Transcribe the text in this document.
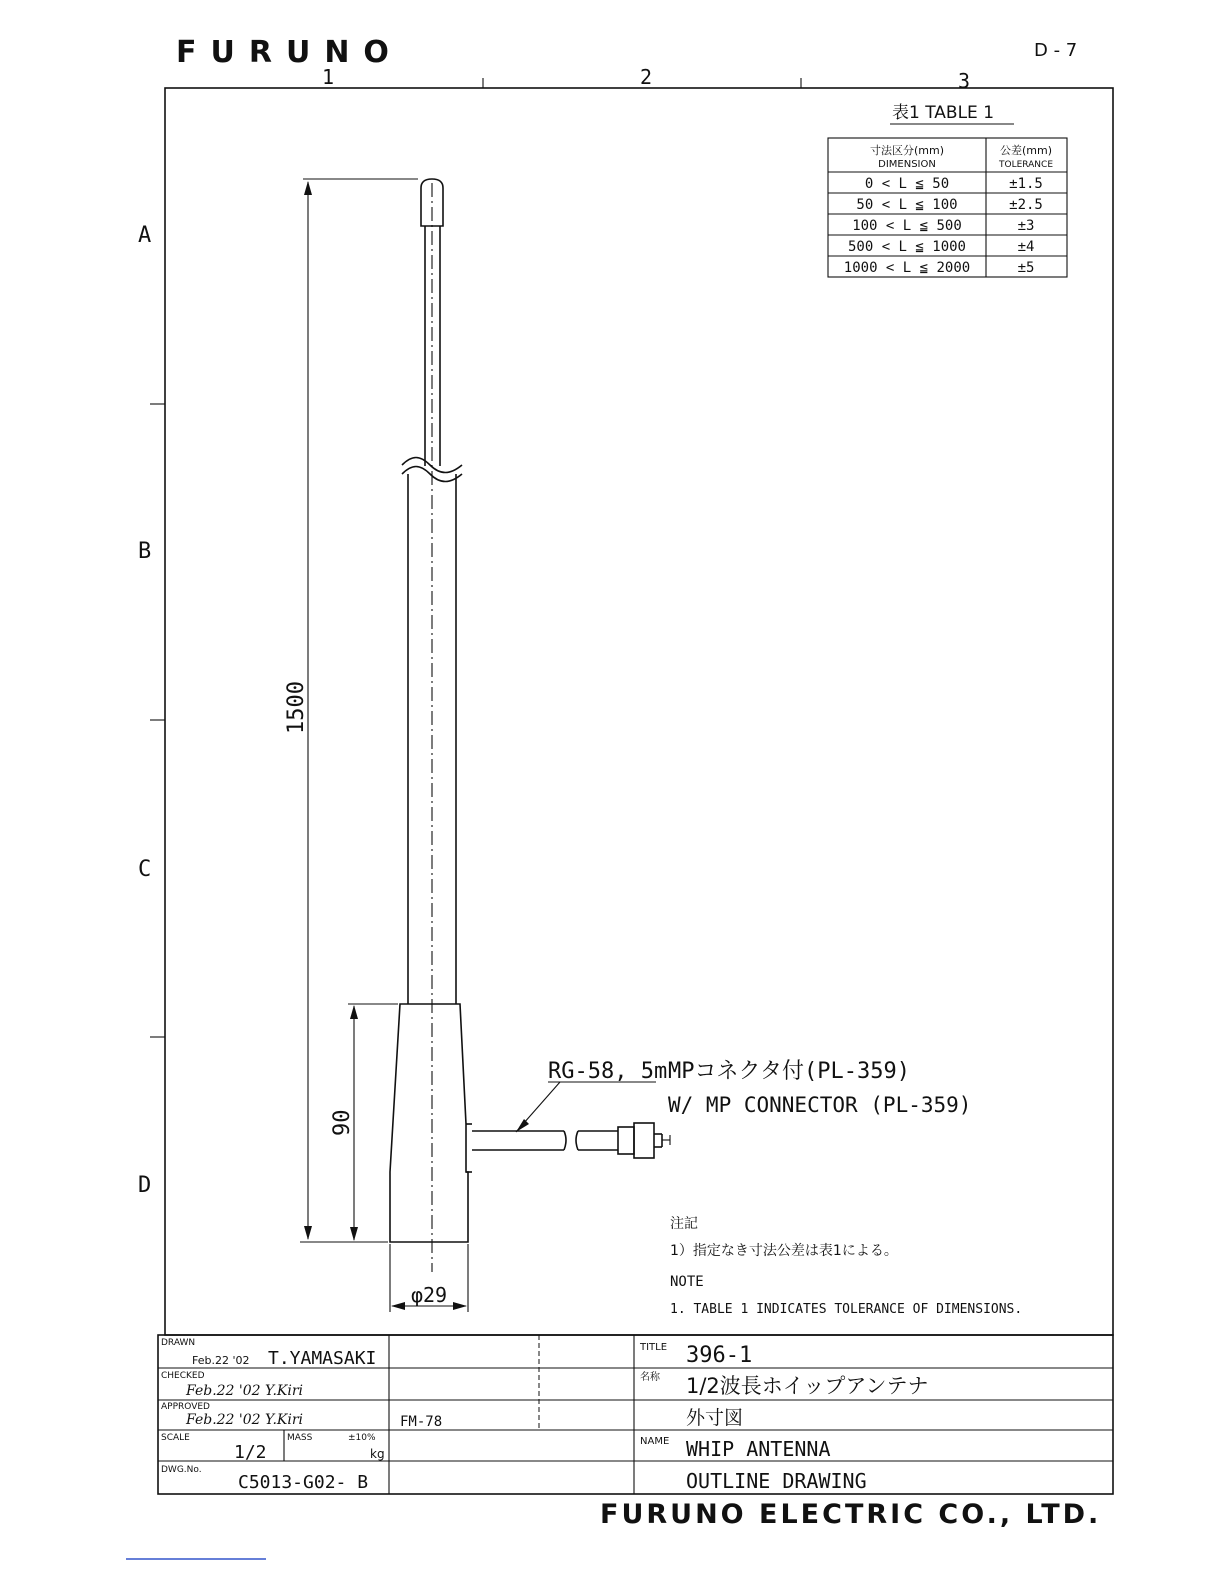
FURUNO	D - 7
1	2	3
A
B
C
D
表1 TABLE 1
寸法区分(mm)
DIMENSION
公差(mm)
TOLERANCE
0 < L ≦ 50	±1.5
50 < L ≦ 100	±2.5
100 < L ≦ 500	±3
500 < L ≦ 1000	±4
1000 < L ≦ 2000	±5
1500
90
φ29
RG-58, 5m MPコネクタ付(PL-359)
W/ MP CONNECTOR (PL-359)
注記
1）指定なき寸法公差は表1による。
NOTE
1. TABLE 1 INDICATES TOLERANCE OF DIMENSIONS.
DRAWN
Feb.22 '02 T.YAMASAKI
CHECKED
Feb.22 '02 Y.Kiri
APPROVED
Feb.22 '02 Y.Kiri	FM-78
SCALE
1/2
MASS	±10%
kg
DWG.No.
C5013-G02- B
TITLE 396-1
名称 1/2波長ホイップアンテナ
外寸図
NAME WHIP ANTENNA
OUTLINE DRAWING
FURUNO ELECTRIC CO., LTD.
